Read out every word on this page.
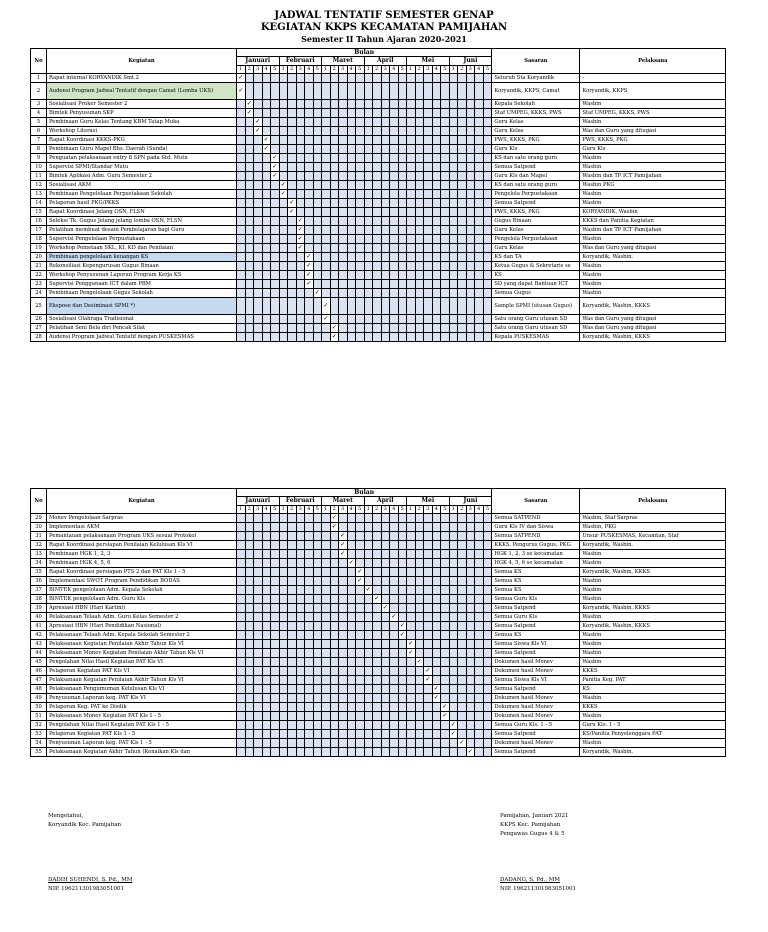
JADWAL TENTATIF SEMESTER GENAP
KEGIATAN KKPS KECAMATAN PAMIJAHAN
Semester II Tahun Ajaran 2020-2021
No	Kegiatan	Bulan																														Sasaran	Pelaksana
		Januari					Februari					Maret					April					Mei					Juni						
		1	2	3	4	5	1	2	3	4	5	1	2	3	4	5	1	2	3	4	5	1	2	3	4	5	1	2	3	4	5		
1	Rapat internal KORYANDIK Smt.2	✓																														Seluruh Sta Koryandik	-
2	Audensi Program Jadwal Tentatif dengan Camat (Lomba UKS)	✓																														Koryandik, KKPS, Camat	Koryandik, KKPS
3	Sosialisasi Proker Semester 2		✓																													Kepala Sekolah	Wasbin
4	Bimtek Penyusunan SKP		✓																													Staf UMPEG, KKKS, PWS	Staf UMPEG, KKKS, PWS
5	Pembinaan Guru Kelas Tentang KBM Tatap Muka			✓																												Guru Kelas	Wasbin
6	Workshop Literasi			✓																												Guru Kelas	Was dan Guru yang ditugasi
7	Rapat Koordinasi KKKS-PKG				✓																											PWS, KKKS, PKG	PWS, KKKS, PKG
8	Pembinaan Guru Mapel Bhs. Daerah (Sunda)				✓																											Guru Kls	Guru Kls
9	Penguatan pelaksanaan entry 8 SPN pada Std. Mutu					✓																										KS dan satu orang guru	Wasbin
10	Supervisi SPMI/Standar Mutu					✓																										Semua Satpend	Wasbin
11	Bimtek Aplikasi Adm. Guru Semester 2					✓																										Guru Kls dan Mapel	Wasbin dan TP ICT Pamijahan
12	Sosialisasi AKM						✓																									KS dan satu orang guru	Wasbin PKG
13	Pembinaan Pengelolaan Perpustakaan Sekolah						✓																									Pengelola Perpustakaan	Wasbin
14	Pelaporan hasil PKG/PKKS							✓																								Semua Satpend	Wasbin
15	Rapat Koordinasi Jelang OSN, FLSN							✓																								PWS, KKKS, PKG	KORYANDIK, Wasbin
16	Seleksi Tk. Gugus Jelang jelang lomba OSN, FLSN								✓																							Gugus Binaan	KKKS dan Panitia Kegiatan
17	Pelatihan membuat desain Pembelajaran bagi Guru								✓																							Guru Kelas	Wasbin dan TP ICT Pamijahan
18	Supervisi Pengelolaan Perpustakaan								✓																							Pengelola Perpustakaan	Wasbin
19	Workshop Pemetaan SKL, KI, KD dan Penilaian								✓																							Guru Kelas	Was dan Guru yang ditugasi
20	Pembinaan pengelolaan keuangan KS									✓																						KS dan TA	Koryandik, Wasbin.
21	Rekonsiliasi Kepengurusan Gugus Binaan									✓																						Ketua Gugus & Sekretaris se	Wasbin
22	Workshop Penyusunan Laporan Program Kerja KS									✓																						KS	Wasbin
23	Supervisi Penggunaan ICT dalam PBM									✓																						SD yang dapat Bantuan ICT	Wasbin
24	Pembinaan Pengelolaan Gugus Sekolah										✓																					Semua Gugus	Wasbin
25	Ekspose dan Desiminasi SPMI *)											✓																				Sample SPMI (utusan Gugus)	Koryandik, Wasbin, KKKS
26	Sosialisasi Olahraga Tradisional											✓																				Satu orang Guru utusan SD	Was dan Guru yang ditugasi
27	Pelatihan Seni Bela diri Pencak Silat												✓																			Satu orang Guru utusan SD	Was dan Guru yang ditugasi
28	Audensi Program Jadwal Tentatif dengan PUSKESMAS												✓																			Kepala PUSKESMAS	Koryandik, Wasbin, KKKS
No	Kegiatan	Bulan																														Sasaran	Pelaksana
		Januari					Februari					Maret					April					Mei					Juni						
		1	2	3	4	5	1	2	3	4	5	1	2	3	4	5	1	2	3	4	5	1	2	3	4	5	1	2	3	4	5		
29	Monev Pengelolaan Sarpras												✓																			Semua SATPEND	Wasbin, Staf Sarpras
30	Implementasi AKM												✓																			Guru Kls IV dan Siswa	Wasbin, PKG
31	Pemantauan pelaksanaan Program UKS sesuai Protokol													✓																		Semua SATPEND	Unsur PUSKESMAS, Kecamtan, Staf
32	Rapat Koordinasi persiapan Penilaian Kelulusan Kls VI													✓																		KKKS, Pengurus Gugus, PKG	Koryandik, Wasbin.
33	Pembinaan HGK 1, 2, 3													✓																		HGK 1, 2, 3 se kecamatan	Wasbin
34	Pembinaan HGK 4, 5, 6														✓																	HGK 4, 5, 6 se kecamatan	Wasbin
35	Rapat Koordinasi persiapan PTS 2 dan PAT Kls 1 - 5															✓																Semua KS	Koryandik, Wasbin, KKKS
36	Implementasi SWOT Program Pendidikan BODAS															✓																Semua KS	Wasbin
37	BIMTEK pengelolaan Adm. Kepala Sekolah																✓															Semua KS	Wasbin
38	BIMTEK pengelolaan Adm. Guru Kls																	✓														Semua Guru Kls	Wasbin
39	Apresiasi HBN (Hari Kartini)																		✓													Semua Satpend	Koryandik, Wasbin, KKKS
40	Pelaksanaan Telaah Adm. Guru Kelas Semester 2																			✓												Semua Guru Kls	Wasbin
41	Apresiasi HBN (Hari Pendidikan Nasional)																				✓											Semua Satpend	Koryandik, Wasbin, KKKS
42	Pelaksanaan Telaah Adm. Kepala Sekolah Semester 2																				✓											Semua KS	Wasbin
43	Pelaksanaan Kegiatan Penilaian Akhir Tahun Kls VI																					✓										Semua Siswa Kls VI	Wasbin
44	Pelaksanaan Monev Kegiatan Penilaian Akhir Tahun Kls VI																					✓										Semua Satpend	Wasbin
45	Pengolahan Nilai Hasil Kegiatan PAT Kls VI																						✓									Dokumen hasil Monev	Wasbin
46	Pelaporan Kegiatan PAT Kls VI																							✓								Dokumen hasil Monev	KKKS
47	Pelaksanaan Kegiatan Penilaian Akhir Tahun Kls VI																							✓								Semua Siswa Kls VI	Panitia Keg. PAT
48	Pelaksanaan Pengumuman Kelulusan Kls VI																								✓							Semua Satpend	KS
49	Penyusunan Laporan keg. PAT Kls VI																								✓							Dokumen hasil Monev	Wasbin
50	Pelaporan Keg. PAT ke Disdik																									✓						Dokumen hasil Monev	KKKS
51	Pelaksanaan Monev Kegiatan PAT Kls 1 - 5																									✓						Dokumen hasil Monev	Wasbin
52	Pengolahan Nilai Hasil Kegiatan PAT Kls 1 - 5																										✓					Semua Guru Kls. 1 - 5	Guru Kls. 1 - 5
53	Pelaporan Kegiatan PAT Kls 1 - 5																										✓					Semua Satpend	KS/Panitia Penyelenggara PAT
54	Penyusunan Laporan keg. PAT Kls 1 - 5																											✓				Dokumen hasil Monev	Wasbin
55	Pelaksanaan Kegiatan Akhir Tahun (Kenaikan Kls dan																												✓			Semua Satpend	Koryandik, Wasbin.
Mengetahui,
Koryandik Kec. Pamijahan
DADIH SUHENDI, S. Pd., MM
NIP. 196211301983051001
Pamijahan, Januari 2021
KKPS Kec. Pamijahan
Pengawas Gugus 4 & 5
DADANG, S. Pd., MM
NIP. 196211301983051001
